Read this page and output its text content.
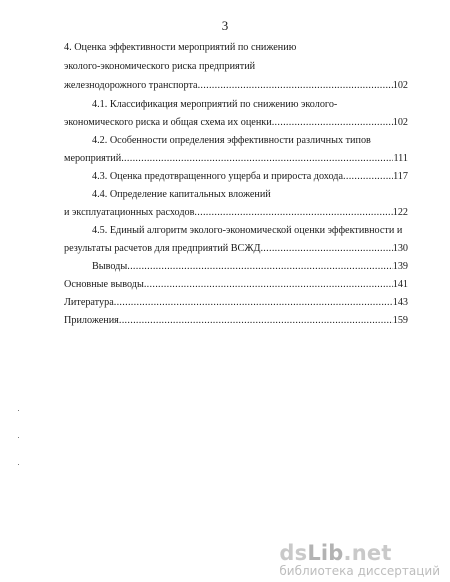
3
4. Оценка эффективности мероприятий по снижению
эколого-экономического риска предприятий
железнодорожного транспорта .....	102
4.1. Классификация мероприятий по снижению эколого-
экономического риска и общая схема их оценки .....	102
4.2. Особенности определения эффективности различных типов
мероприятий .....	111
4.3. Оценка предотвращенного ущерба и прироста дохода .....	117
4.4. Определение капитальных вложений
и эксплуатационных расходов .....	122
4.5. Единый алгоритм эколого-экономической оценки эффективности и
результаты расчетов для предприятий ВСЖД .....	130
Выводы .....	139
Основные выводы .....	141
Литература .....	143
Приложения .....	159
dsLib.net
библиотека диссертаций
